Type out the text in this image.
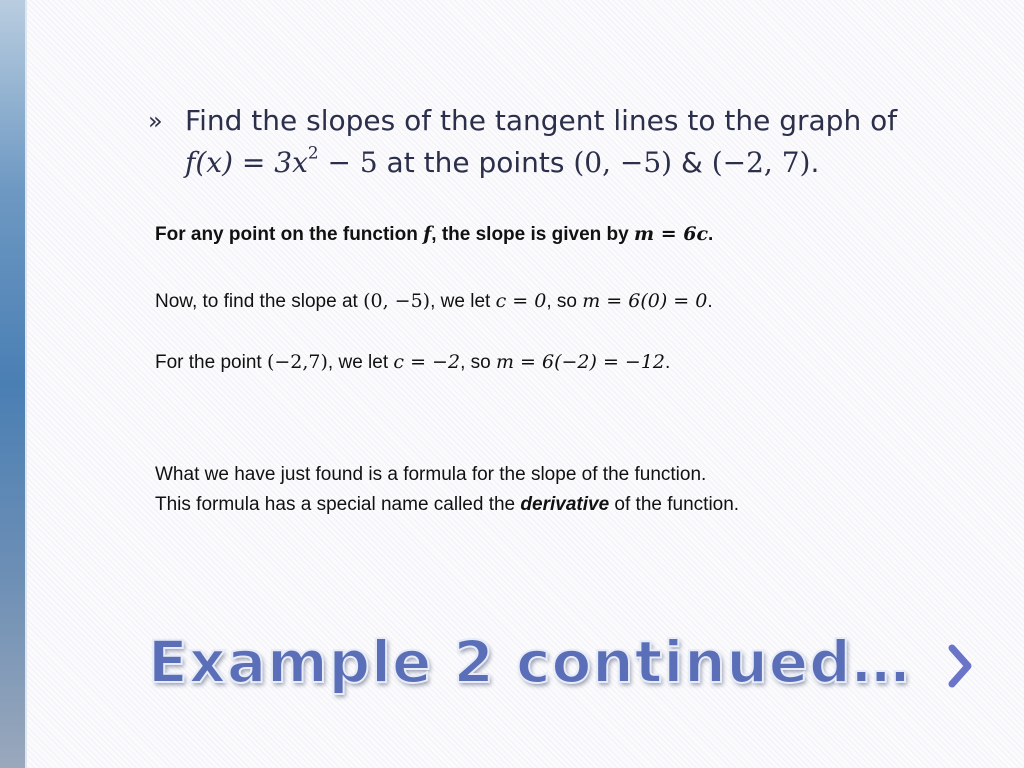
» Find the slopes of the tangent lines to the graph of
$f(x) = 3x^2 - 5$ at the points (0, −5) & (−2, 7).
For any point on the function f, the slope is given by m = 6c.
Now, to find the slope at (0, −5), we let c = 0, so m = 6(0) = 0.
For the point (−2,7), we let c = −2, so m = 6(−2) = −12.
What we have just found is a formula for the slope of the function.
This formula has a special name called the derivative of the function.
Example 2 continued…
